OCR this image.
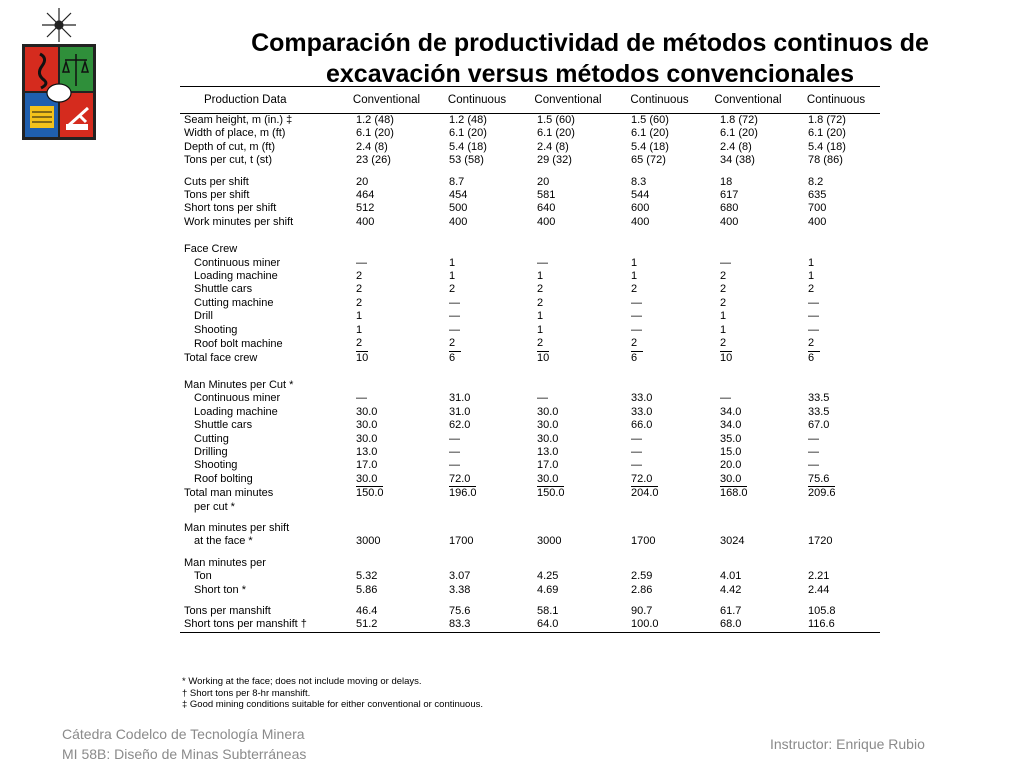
Comparación de productividad de métodos continuos de
excavación versus métodos convencionales
Production Data	Conventional	Continuous	Conventional	Continuous	Conventional	Continuous
Seam height, m (in.) ‡	1.2 (48)	1.2 (48)	1.5 (60)	1.5 (60)	1.8 (72)	1.8 (72)
Width of place, m (ft)	6.1 (20)	6.1 (20)	6.1 (20)	6.1 (20)	6.1 (20)	6.1 (20)
Depth of cut, m (ft)	2.4 (8)	5.4 (18)	2.4 (8)	5.4 (18)	2.4 (8)	5.4 (18)
Tons per cut, t (st)	23 (26)	53 (58)	29 (32)	65 (72)	34 (38)	78 (86)

Cuts per shift	20	8.7	20	8.3	18	8.2
Tons per shift	464	454	581	544	617	635
Short tons per shift	512	500	640	600	680	700
Work minutes per shift	400	400	400	400	400	400

Face Crew						
Continuous miner	—	1	—	1	—	1
Loading machine	2	1	1	1	2	1
Shuttle cars	2	2	2	2	2	2
Cutting machine	2	—	2	—	2	—
Drill	1	—	1	—	1	—
Shooting	1	—	1	—	1	—
Roof bolt machine	2	2	2	2	2	2
Total face crew	10	6	10	6	10	6

Man Minutes per Cut *						
Continuous miner	—	31.0	—	33.0	—	33.5
Loading machine	30.0	31.0	30.0	33.0	34.0	33.5
Shuttle cars	30.0	62.0	30.0	66.0	34.0	67.0
Cutting	30.0	—	30.0	—	35.0	—
Drilling	13.0	—	13.0	—	15.0	—
Shooting	17.0	—	17.0	—	20.0	—
Roof bolting	30.0	72.0	30.0	72.0	30.0	75.6
Total man minutes	150.0	196.0	150.0	204.0	168.0	209.6
per cut *						

Man minutes per shift						
at the face *	3000	1700	3000	1700	3024	1720

Man minutes per						
Ton	5.32	3.07	4.25	2.59	4.01	2.21
Short ton *	5.86	3.38	4.69	2.86	4.42	2.44

Tons per manshift	46.4	75.6	58.1	90.7	61.7	105.8
Short tons per manshift †	51.2	83.3	64.0	100.0	68.0	116.6
* Working at the face; does not include moving or delays.
† Short tons per 8-hr manshift.
‡ Good mining conditions suitable for either conventional or continuous.
Cátedra Codelco de Tecnología Minera
MI 58B: Diseño de Minas Subterráneas
Instructor: Enrique Rubio
